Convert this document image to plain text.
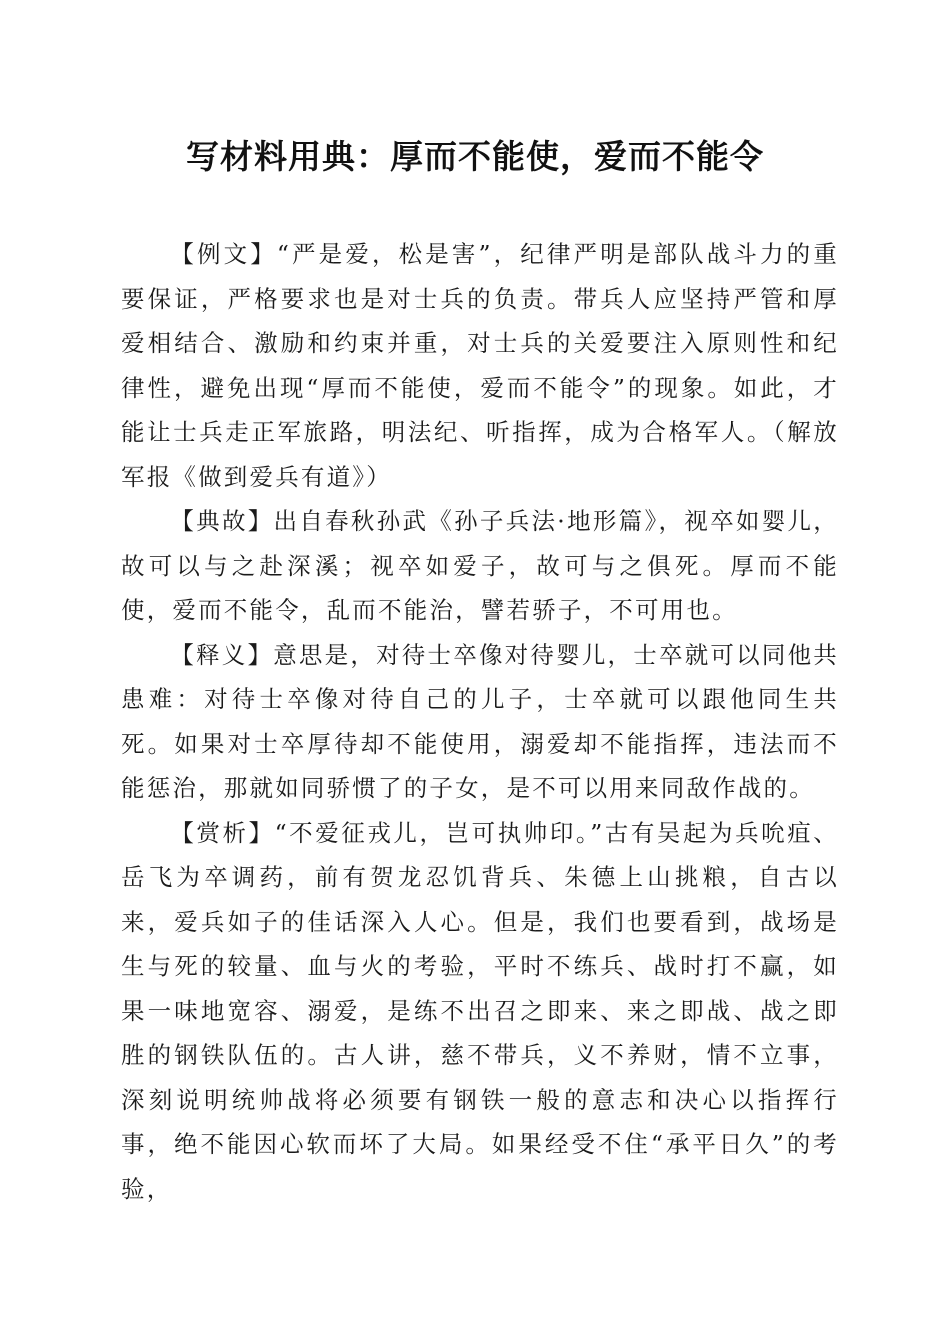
写材料用典：厚而不能使，爱而不能令

【例文】“严是爱，松是害”，纪律严明是部队战斗力的重要保证，严格要求也是对士兵的负责。带兵人应坚持严管和厚爱相结合、激励和约束并重，对士兵的关爱要注入原则性和纪律性，避免出现“厚而不能使，爱而不能令”的现象。如此，才能让士兵走正军旅路，明法纪、听指挥，成为合格军人。（解放军报《做到爱兵有道》）

【典故】出自春秋孙武《孙子兵法·地形篇》，视卒如婴儿，故可以与之赴深溪；视卒如爱子，故可与之俱死。厚而不能使，爱而不能令，乱而不能治，譬若骄子，不可用也。

【释义】意思是，对待士卒像对待婴儿，士卒就可以同他共患难：对待士卒像对待自己的儿子，士卒就可以跟他同生共死。如果对士卒厚待却不能使用，溺爱却不能指挥，违法而不能惩治，那就如同骄惯了的子女，是不可以用来同敌作战的。

【赏析】“不爱征戎儿，岂可执帅印。”古有吴起为兵吮疽、岳飞为卒调药，前有贺龙忍饥背兵、朱德上山挑粮，自古以来，爱兵如子的佳话深入人心。但是，我们也要看到，战场是生与死的较量、血与火的考验，平时不练兵、战时打不赢，如果一味地宽容、溺爱，是练不出召之即来、来之即战、战之即胜的钢铁队伍的。古人讲，慈不带兵，义不养财，情不立事，深刻说明统帅战将必须要有钢铁一般的意志和决心以指挥行事，绝不能因心软而坏了大局。如果经受不住“承平日久”的考验，
